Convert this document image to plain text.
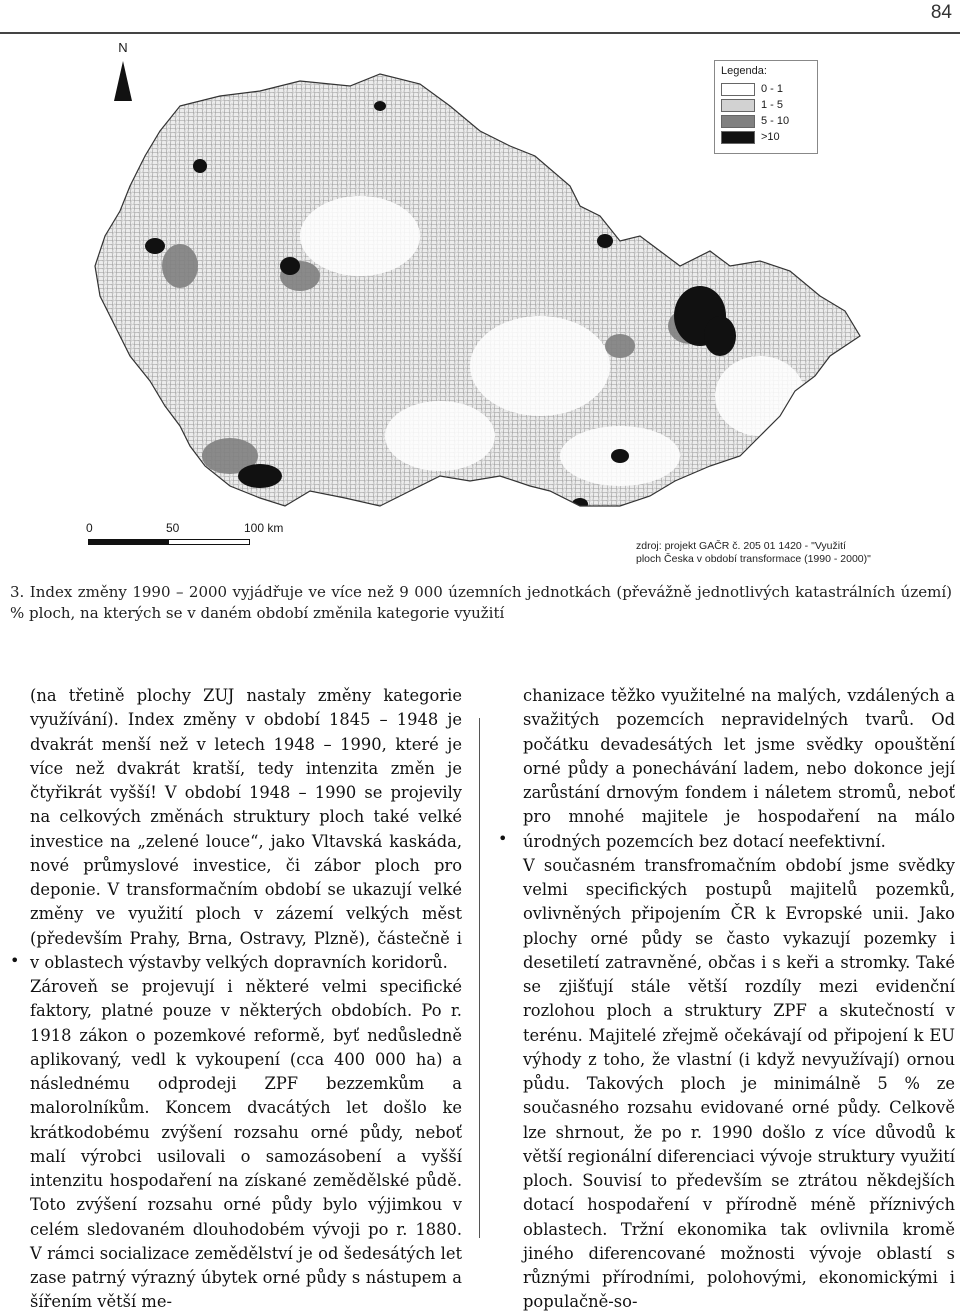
84
N
Legenda:
0 - 1
1 - 5
5 - 10
>10
0	50	100 km
zdroj: projekt GAČR č. 205 01 1420 - "Využití
ploch Česka v období transformace (1990 - 2000)"
3. Index změny 1990 – 2000 vyjádřuje ve více než 9 000 územních jednotkách (převážně jednotlivých katastrálních území) % ploch, na kterých se v daném období změnila kategorie využití

(na třetině plochy ZUJ nastaly změny kategorie využívání). Index změny v období 1845 – 1948 je dvakrát menší než v letech 1948 – 1990, které je více než dvakrát kratší, tedy intenzita změn je čtyřikrát vyšší! V období 1948 – 1990 se projevily na celkových změnách struktury ploch také velké investice na „zelené louce“, jako Vltavská kaskáda, nové průmyslové investice, či zábor ploch pro deponie. V transformačním období se ukazují velké změny ve využití ploch v zázemí velkých měst (především Prahy, Brna, Ostravy, Plzně), částečně i v oblastech výstavby velkých dopravních koridorů.

Zároveň se projevují i některé velmi specifické faktory, platné pouze v některých obdobích. Po r. 1918 zákon o pozemkové reformě, byť nedůsledně aplikovaný, vedl k vykoupení (cca 400 000 ha) a následnému odprodeji ZPF bezzemkům a malorolníkům. Koncem dvacátých let došlo ke krátkodobému zvýšení rozsahu orné půdy, neboť malí výrobci usilovali o samozásobení a vyšší intenzitu hospodaření na získané zemědělské půdě. Toto zvýšení rozsahu orné půdy bylo výjimkou v celém sledovaném dlouhodobém vývoji po r. 1880. V rámci socializace zemědělství je od šedesátých let zase patrný výrazný úbytek orné půdy s nástupem a šířením větší me-

•

chanizace těžko využitelné na malých, vzdálených a svažitých pozemcích nepravidelných tvarů. Od počátku devadesátých let jsme svědky opouštění orné půdy a ponechávání ladem, nebo dokonce její zarůstání drnovým fondem i náletem stromů, neboť pro mnohé majitele je hospodaření na málo úrodných pozemcích bez dotací neefektivní.

V současném transfromačním období jsme svědky velmi specifických postupů majitelů pozemků, ovlivněných připojením ČR k Evropské unii. Jako plochy orné půdy se často vykazují pozemky i desetiletí zatravněné, občas i s keři a stromky. Také se zjišťují stále větší rozdíly mezi evidenční rozlohou ploch a struktury ZPF a skutečností v terénu. Majitelé zřejmě očekávají od připojení k EU výhody z toho, že vlastní (i když nevyužívají) ornou půdu. Takových ploch je minimálně 5 % ze současného rozsahu evidované orné půdy. Celkově lze shrnout, že po r. 1990 došlo z více důvodů k větší regionální diferenciaci vývoje struktury využití ploch. Souvisí to především se ztrátou někdejších dotací hospodaření v přírodně méně příznivých oblastech. Tržní ekonomika tak ovlivnila kromě jiného diferencované možnosti vývoje oblastí s různými přírodními, polohovými, ekonomickými i populačně-so-

•
